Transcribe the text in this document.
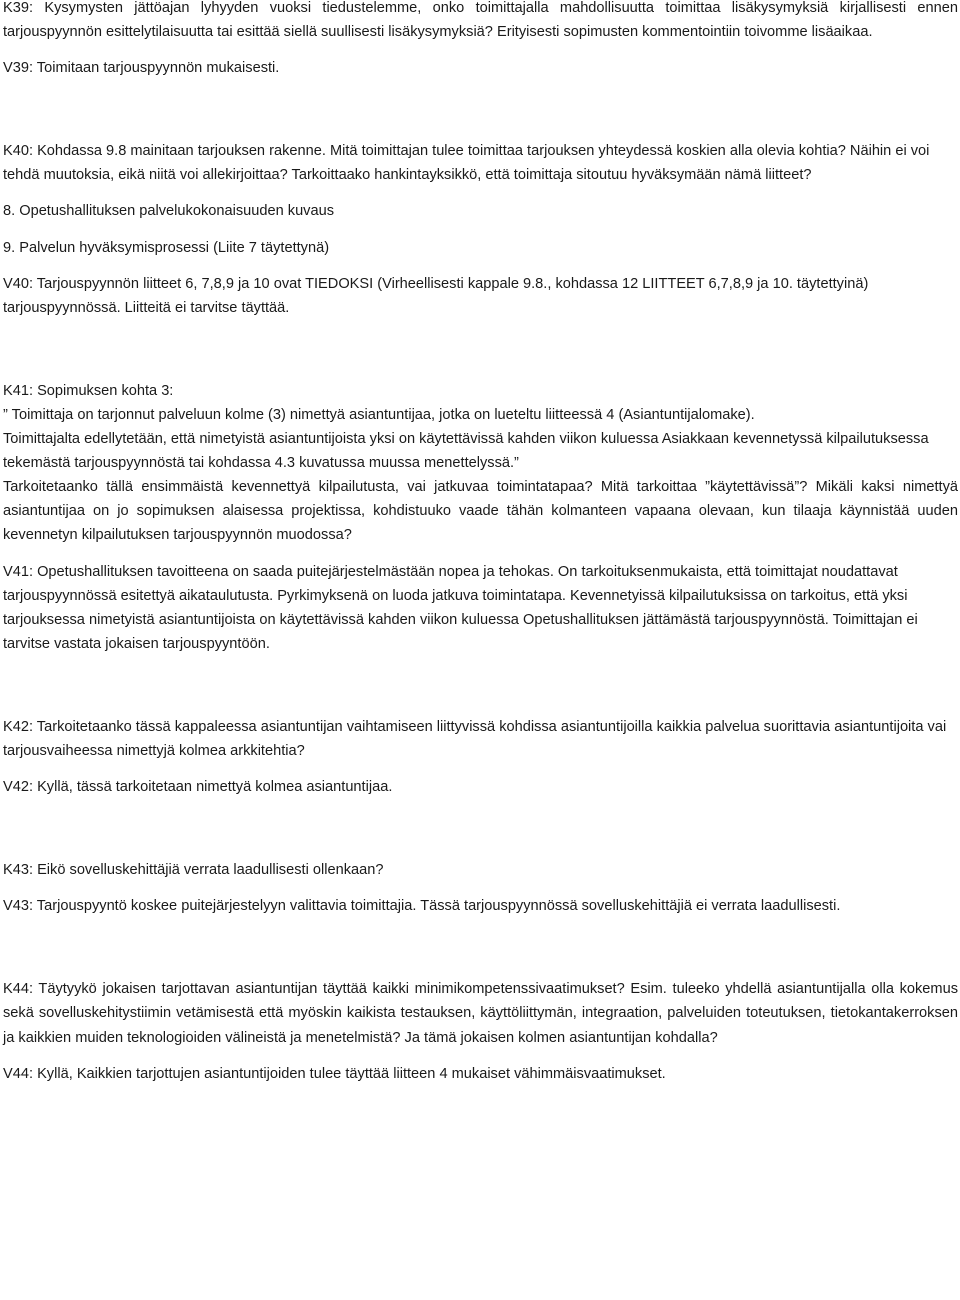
K39: Kysymysten jättöajan lyhyyden vuoksi tiedustelemme, onko toimittajalla mahdollisuutta toimittaa lisäkysymyksiä kirjallisesti ennen tarjouspyynnön esittelytilaisuutta tai esittää siellä suullisesti lisäkysymyksiä? Erityisesti sopimusten kommentointiin toivomme lisäaikaa.

V39: Toimitaan tarjouspyynnön mukaisesti.

K40: Kohdassa 9.8 mainitaan tarjouksen rakenne. Mitä toimittajan tulee toimittaa tarjouksen yhteydessä koskien alla olevia kohtia? Näihin ei voi tehdä muutoksia, eikä niitä voi allekirjoittaa? Tarkoittaako hankintayksikkö, että toimittaja sitoutuu hyväksymään nämä liitteet?

8. Opetushallituksen palvelukokonaisuuden kuvaus

9. Palvelun hyväksymisprosessi (Liite 7 täytettynä)

V40: Tarjouspyynnön liitteet 6, 7,8,9 ja 10 ovat TIEDOKSI (Virheellisesti kappale 9.8., kohdassa 12 LIITTEET 6,7,8,9 ja 10. täytettyinä) tarjouspyynnössä. Liitteitä ei tarvitse täyttää.

K41: Sopimuksen kohta 3:

” Toimittaja on tarjonnut palveluun kolme (3) nimettyä asiantuntijaa, jotka on lueteltu liitteessä 4 (Asiantuntijalomake).

Toimittajalta edellytetään, että nimetyistä asiantuntijoista yksi on käytettävissä kahden viikon kuluessa Asiakkaan kevennetyssä kilpailutuksessa tekemästä tarjouspyynnöstä tai kohdassa 4.3 kuvatussa muussa menettelyssä.”

Tarkoitetaanko tällä ensimmäistä kevennettyä kilpailutusta, vai jatkuvaa toimintatapaa? Mitä tarkoittaa ”käytettävissä”? Mikäli kaksi nimettyä asiantuntijaa on jo sopimuksen alaisessa projektissa, kohdistuuko vaade tähän kolmanteen vapaana olevaan, kun tilaaja käynnistää uuden kevennetyn kilpailutuksen tarjouspyynnön muodossa?

V41: Opetushallituksen tavoitteena on saada puitejärjestelmästään nopea ja tehokas. On tarkoituksenmukaista, että toimittajat noudattavat tarjouspyynnössä esitettyä aikataulutusta. Pyrkimyksenä on luoda jatkuva toimintatapa. Kevennetyissä kilpailutuksissa on tarkoitus, että yksi tarjouksessa nimetyistä asiantuntijoista on käytettävissä kahden viikon kuluessa Opetushallituksen jättämästä tarjouspyynnöstä. Toimittajan ei tarvitse vastata jokaisen tarjouspyyntöön.

K42: Tarkoitetaanko tässä kappaleessa asiantuntijan vaihtamiseen liittyvissä kohdissa asiantuntijoilla kaikkia palvelua suorittavia asiantuntijoita vai tarjousvaiheessa nimettyjä kolmea arkkitehtia?

V42: Kyllä, tässä tarkoitetaan nimettyä kolmea asiantuntijaa.

K43: Eikö sovelluskehittäjiä verrata laadullisesti ollenkaan?

V43: Tarjouspyyntö koskee puitejärjestelyyn valittavia toimittajia. Tässä tarjouspyynnössä sovelluskehittäjiä ei verrata laadullisesti.

K44: Täytyykö jokaisen tarjottavan asiantuntijan täyttää kaikki minimikompetenssivaatimukset? Esim. tuleeko yhdellä asiantuntijalla olla kokemus sekä sovelluskehitystiimin vetämisestä että myöskin kaikista testauksen, käyttöliittymän, integraation, palveluiden toteutuksen, tietokantakerroksen ja kaikkien muiden teknologioiden välineistä ja menetelmistä? Ja tämä jokaisen kolmen asiantuntijan kohdalla?

V44: Kyllä, Kaikkien tarjottujen asiantuntijoiden tulee täyttää liitteen 4 mukaiset vähimmäisvaatimukset.
